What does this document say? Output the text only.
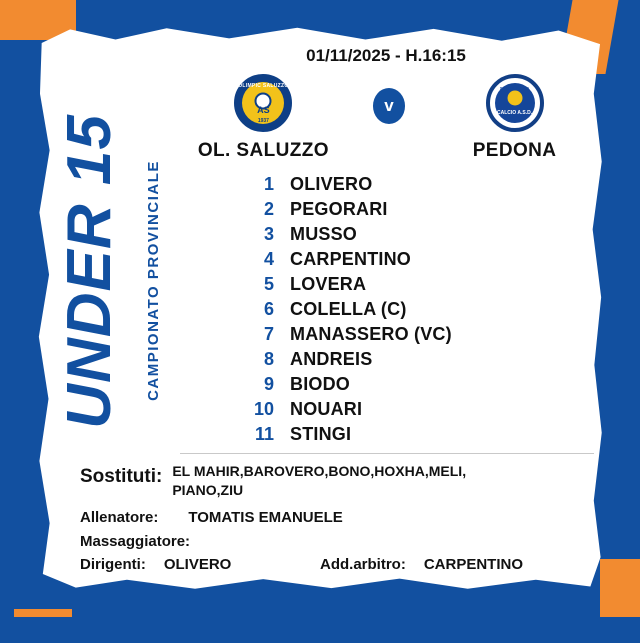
UNDER 15 CAMPIONATO PROVINCIALE
01/11/2025 - H.16:15
OLIMPIC SALUZZO
AS
1937
OL. SALUZZO
v
SSD PEDONA
CALCIO A.S.D.
PEDONA
1 OLIVERO
2 PEGORARI
3 MUSSO
4 CARPENTINO
5 LOVERA
6 COLELLA (C)
7 MANASSERO (VC)
8 ANDREIS
9 BIODO
10 NOUARI
11 STINGI
Sostituti: EL MAHIR,BAROVERO,BONO,HOXHA,MELI, PIANO,ZIU
Allenatore: TOMATIS EMANUELE
Massaggiatore:
Dirigenti: OLIVERO	Add.arbitro: CARPENTINO
